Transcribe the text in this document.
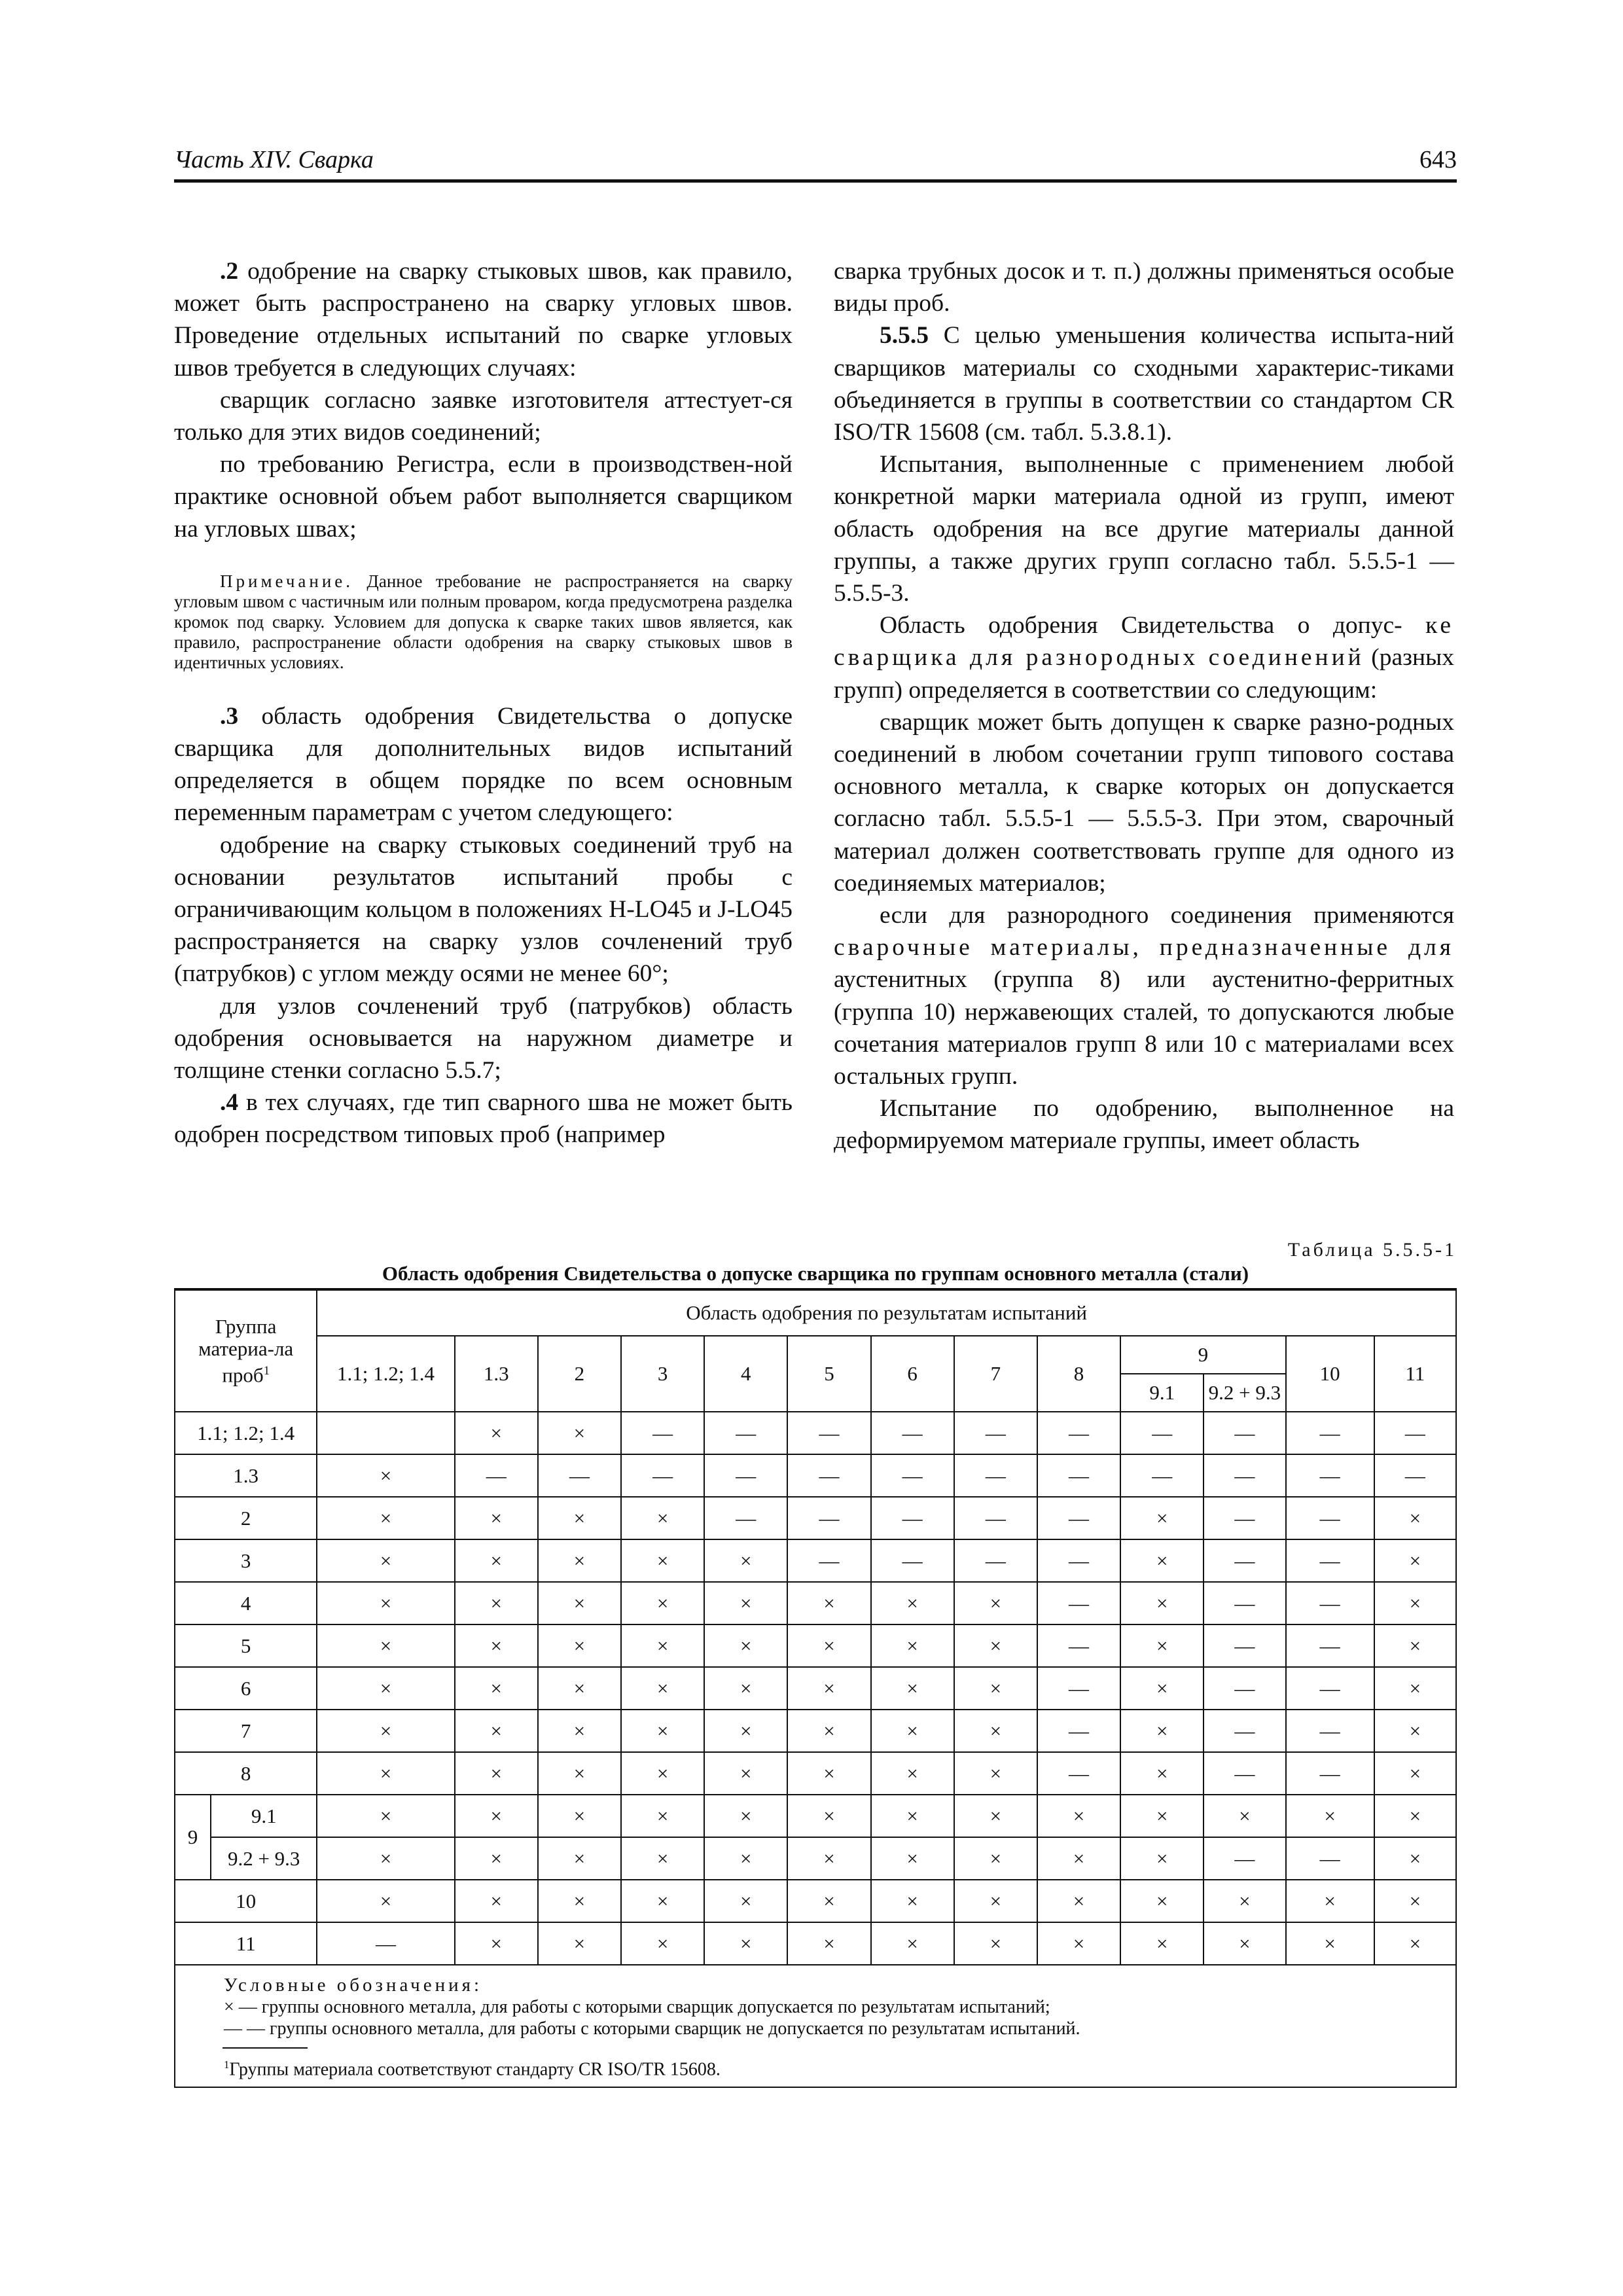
Часть XIV. Сварка	643

.2 одобрение на сварку стыковых швов, как правило, может быть распространено на сварку угловых швов. Проведение отдельных испытаний по сварке угловых швов требуется в следующих случаях:

сварщик согласно заявке изготовителя аттестует-ся только для этих видов соединений;

по требованию Регистра, если в производствен-ной практике основной объем работ выполняется сварщиком на угловых швах;

Примечание. Данное требование не распространяется на сварку угловым швом с частичным или полным проваром, когда предусмотрена разделка кромок под сварку. Условием для допуска к сварке таких швов является, как правило, распространение области одобрения на сварку стыковых швов в идентичных условиях.

.3 область одобрения Свидетельства о допуске сварщика для дополнительных видов испытаний определяется в общем порядке по всем основным переменным параметрам с учетом следующего:

одобрение на сварку стыковых соединений труб на основании результатов испытаний пробы с ограничивающим кольцом в положениях H-LO45 и J-LO45 распространяется на сварку узлов сочленений труб (патрубков) с углом между осями не менее 60°;

для узлов сочленений труб (патрубков) область одобрения основывается на наружном диаметре и толщине стенки согласно 5.5.7;

.4 в тех случаях, где тип сварного шва не может быть одобрен посредством типовых проб (например

сварка трубных досок и т. п.) должны применяться особые виды проб.

5.5.5 С целью уменьшения количества испыта-ний сварщиков материалы со сходными характерис-тиками объединяется в группы в соответствии со стандартом CR ISO/TR 15608 (см. табл. 5.3.8.1).

Испытания, выполненные с применением любой конкретной марки материала одной из групп, имеют область одобрения на все другие материалы данной группы, а также других групп согласно табл. 5.5.5-1 — 5.5.5-3.

Область одобрения Свидетельства о допус- ке сварщика для разнородных соединений (разных групп) определяется в соответствии со следующим:

сварщик может быть допущен к сварке разно-родных соединений в любом сочетании групп типового состава основного металла, к сварке которых он допускается согласно табл. 5.5.5-1 — 5.5.5-3. При этом, сварочный материал должен соответствовать группе для одного из соединяемых материалов;

если для разнородного соединения применяются сварочные материалы, предназначенные для аустенитных (группа 8) или аустенитно-ферритных (группа 10) нержавеющих сталей, то допускаются любые сочетания материалов групп 8 или 10 с материалами всех остальных групп.

Испытание по одобрению, выполненное на деформируемом материале группы, имеет область

Таблица 5.5.5-1
Область одобрения Свидетельства о допуске сварщика по группам основного металла (стали)
Группа материа-ла проб$^1$		Область одобрения по результатам испытаний												
		1.1; 1.2; 1.4	1.3	2	3	4	5	6	7	8	9		10	11
											9.1	9.2 + 9.3		
1.1; 1.2; 1.4			×	×	—	—	—	—	—	—	—	—	—	—
1.3		×	—	—	—	—	—	—	—	—	—	—	—	—
2		×	×	×	×	—	—	—	—	—	×	—	—	×
3		×	×	×	×	×	—	—	—	—	×	—	—	×
4		×	×	×	×	×	×	×	×	—	×	—	—	×
5		×	×	×	×	×	×	×	×	—	×	—	—	×
6		×	×	×	×	×	×	×	×	—	×	—	—	×
7		×	×	×	×	×	×	×	×	—	×	—	—	×
8		×	×	×	×	×	×	×	×	—	×	—	—	×
9	9.1	×	×	×	×	×	×	×	×	×	×	×	×	×
	9.2 + 9.3	×	×	×	×	×	×	×	×	×	×	—	—	×
10		×	×	×	×	×	×	×	×	×	×	×	×	×
11		—	×	×	×	×	×	×	×	×	×	×	×	×

Условные обозначения:
× — группы основного металла, для работы с которыми сварщик допускается по результатам испытаний;
— — группы основного металла, для работы с которыми сварщик не допускается по результатам испытаний.
$^1$Группы материала соответствуют стандарту CR ISO/TR 15608.														
